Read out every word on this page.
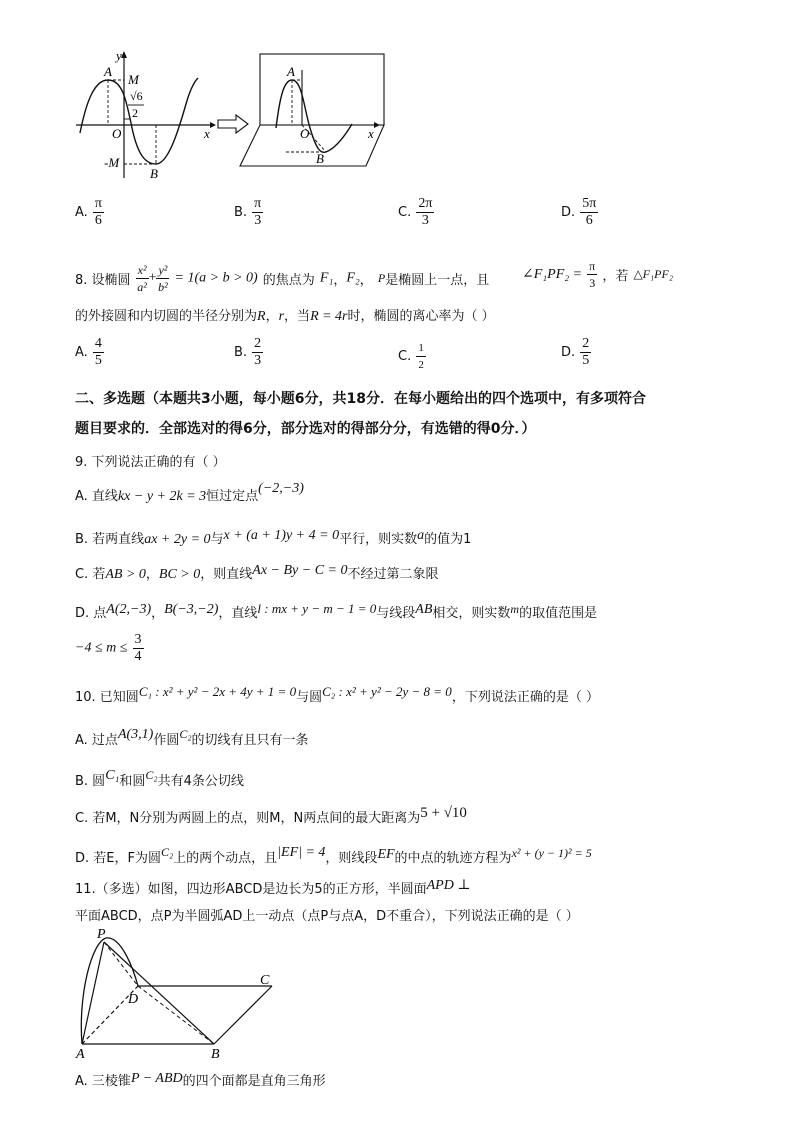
y
A
M
√6
2
O	x
-M
B
A
O	x
B
A. $\frac{\pi}{6}$	B. $\frac{\pi}{3}$	C. $\frac{2\pi}{3}$	D. $\frac{5\pi}{6}$
8. 设椭圆 $\frac{\text{x²}}{\text{a²}} + \frac{\text{y²}}{\text{b²}} = 1(a > b > 0)$ 的焦点为 F₁，F₂， P是椭圆上一点，且 ∠F₁PF₂ = $\frac{\pi}{3}$ ，若 △F₁PF₂
的外接圆和内切圆的半径分别为R，r，当R = 4r时，椭圆的离心率为（ ）
A. $\frac{4}{5}$	B. $\frac{2}{3}$	C. $\frac{1}{2}$	D. $\frac{2}{5}$
二、多选题（本题共3小题，每小题6分，共18分．在每小题给出的四个选项中，有多项符合
题目要求的．全部选对的得6分，部分选对的得部分分，有选错的得0分．）
9. 下列说法正确的有（ ）
A. 直线kx − y + 2k = 3恒过定点(−2,−3)
B. 若两直线ax + 2y = 0与x + (a + 1)y + 4 = 0平行，则实数a的值为1
C. 若AB > 0，BC > 0，则直线Ax − By − C = 0不经过第二象限
D. 点A(2,−3)，B(−3,−2)，直线l : mx + y − m − 1 = 0与线段AB相交，则实数m的取值范围是
$-4 \le m \le \frac{3}{4}$
10. 已知圆C₁ : x² + y² − 2x + 4y + 1 = 0与圆C₂ : x² + y² − 2y − 8 = 0，下列说法正确的是（ ）
A. 过点A(3,1)作圆C₂的切线有且只有一条
B. 圆C₁和圆C₂共有4条公切线
C. 若M，N分别为两圆上的点，则M，N两点间的最大距离为5 + √10
D. 若E，F为圆C₂上的两个动点，且|EF| = 4，则线段EF的中点的轨迹方程为x² + (y − 1)² = 5
11.（多选）如图，四边形ABCD是边长为5的正方形，半圆面APD ⊥
平面ABCD，点P为半圆弧AD上一动点（点P与点A，D不重合），下列说法正确的是（ ）
P
D
C
A	B
A. 三棱锥P − ABD的四个面都是直角三角形
